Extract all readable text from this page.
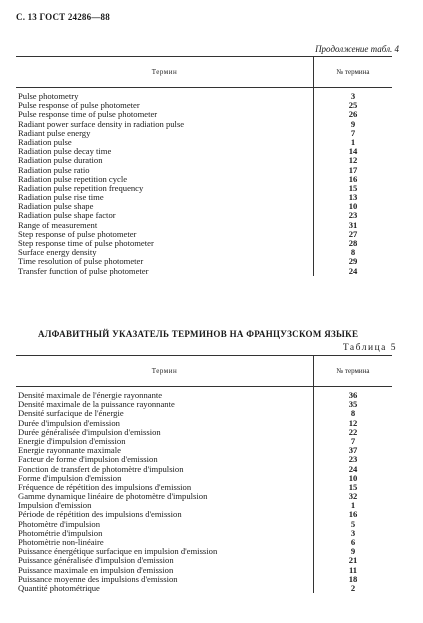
С. 13 ГОСТ 24286—88
Продолжение табл. 4
Термин	№ термина
Pulse photometry
Pulse response of pulse photometer
Pulse response time of pulse photometer
Radiant power surface density in radiation pulse
Radiant pulse energy
Radiation pulse
Radiation pulse decay time
Radiation pulse duration
Radiation pulse ratio
Radiation pulse repetition cycle
Radiation pulse repetition frequency
Radiation pulse rise time
Radiation pulse shape
Radiation pulse shape factor
Range of measurement
Step response of pulse photometer
Step response time of pulse photometer
Surface energy density
Time resolution of pulse photometer
Transfer function of pulse photometer
3
25
26
9
7
1
14
12
17
16
15
13
10
23
31
27
28
8
29
24
АЛФАВИТНЫЙ УКАЗАТЕЛЬ ТЕРМИНОВ НА ФРАНЦУЗСКОМ ЯЗЫКЕ
Таблица 5
Термин	№ термина
Densité maximale de l'énergie rayonnante
Densité maximale de la puissance rayonnante
Densité surfacique de l'énergie
Durée d'impulsion d'emission
Durée généralisée d'impulsion d'emission
Energie d'impulsion d'emission
Energie rayonnante maximale
Facteur de forme d'impulsion d'emission
Fonction de transfert de photomètre d'impulsion
Forme d'impulsion d'emission
Fréquence de répétition des impulsions d'emission
Gamme dynamique linéaire de photomètre d'impulsion
Impulsion d'emission
Période de répétition des impulsions d'emission
Photomètre d'impulsion
Photométrie d'impulsion
Photomètrie non-linéaire
Puissance énergétique surfacique en impulsion d'emission
Puissance généralisée d'impulsion d'emission
Puissance maximale en impulsion d'emission
Puissance moyenne des impulsions d'emission
Quantité photométrique
36
35
8
12
22
7
37
23
24
10
15
32
1
16
5
3
6
9
21
11
18
2
